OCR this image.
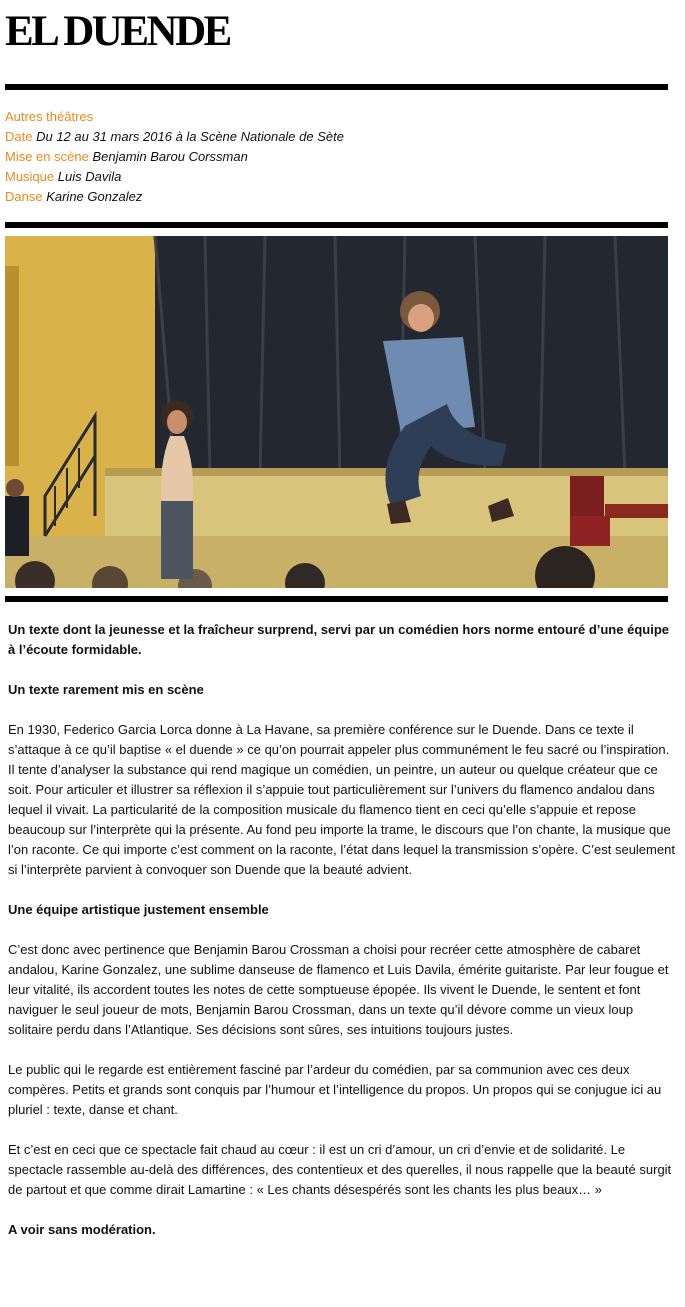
EL DUENDE
Autres théâtres
Date Du 12 au 31 mars 2016 à la Scène Nationale de Sète
Mise en scène Benjamin Barou Corssman
Musique Luis Davila
Danse Karine Gonzalez

Un texte dont la jeunesse et la fraîcheur surprend, servi par un comédien hors norme entouré d’une équipe à l’écoute formidable.

Un texte rarement mis en scène

En 1930, Federico Garcia Lorca donne à La Havane, sa première conférence sur le Duende. Dans ce texte il s’attaque à ce qu’il baptise « el duende » ce qu’on pourrait appeler plus communément le feu sacré ou l’inspiration. Il tente d’analyser la substance qui rend magique un comédien, un peintre, un auteur ou quelque créateur que ce soit. Pour articuler et illustrer sa réflexion il s’appuie tout particulièrement sur l’univers du flamenco andalou dans lequel il vivait. La particularité de la composition musicale du flamenco tient en ceci qu’elle s’appuie et repose beaucoup sur l’interprète qui la présente. Au fond peu importe la trame, le discours que l’on chante, la musique que l’on raconte. Ce qui importe c’est comment on la raconte, l’état dans lequel la transmission s’opère. C’est seulement si l’interprète parvient à convoquer son Duende que la beauté advient.

Une équipe artistique justement ensemble

C’est donc avec pertinence que Benjamin Barou Crossman a choisi pour recréer cette atmosphère de cabaret andalou, Karine Gonzalez, une sublime danseuse de flamenco et Luis Davila, émérite guitariste. Par leur fougue et leur vitalité, ils accordent toutes les notes de cette somptueuse épopée. Ils vivent le Duende, le sentent et font naviguer le seul joueur de mots, Benjamin Barou Crossman, dans un texte qu’il dévore comme un vieux loup solitaire perdu dans l’Atlantique. Ses décisions sont sûres, ses intuitions toujours justes.

Le public qui le regarde est entièrement fasciné par l’ardeur du comédien, par sa communion avec ces deux compères. Petits et grands sont conquis par l’humour et l’intelligence du propos. Un propos qui se conjugue ici au pluriel : texte, danse et chant.

Et c’est en ceci que ce spectacle fait chaud au cœur : il est un cri d’amour, un cri d’envie et de solidarité. Le spectacle rassemble au-delà des différences, des contentieux et des querelles, il nous rappelle que la beauté surgit de partout et que comme dirait Lamartine : « Les chants désespérés sont les chants les plus beaux… »

A voir sans modération.
